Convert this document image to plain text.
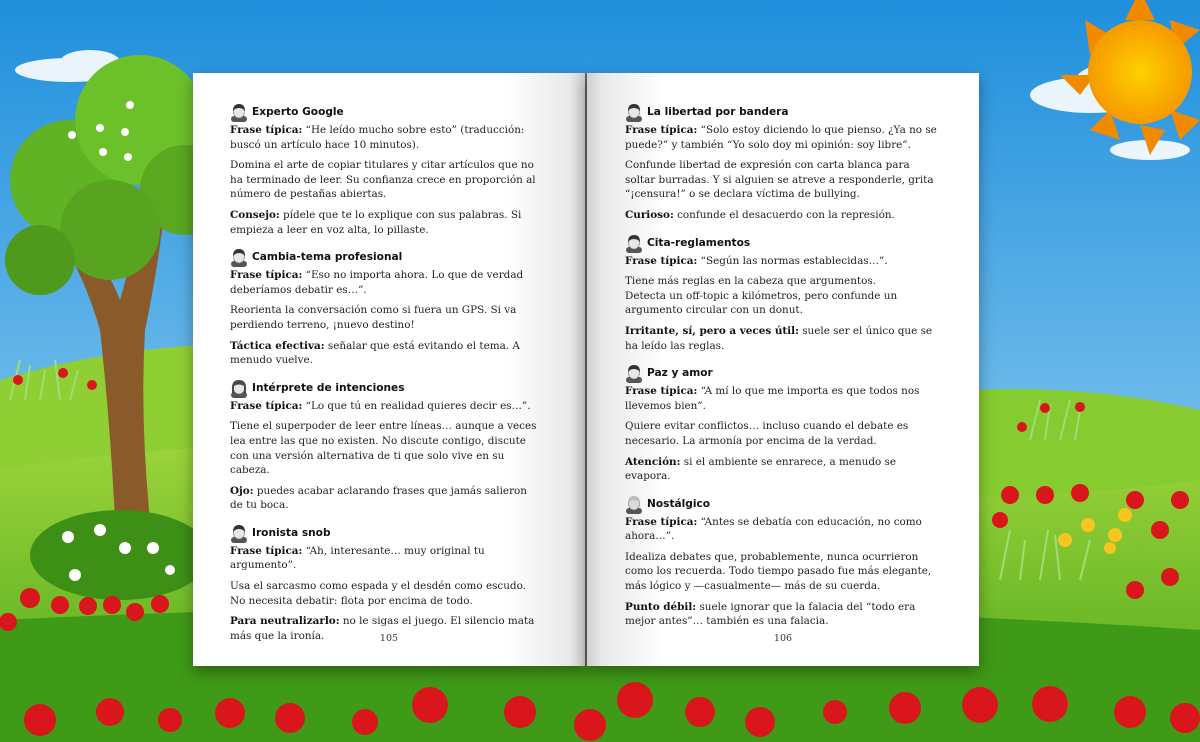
Experto Google

Frase típica: “He leído mucho sobre esto” (traducción: buscó un artículo hace 10 minutos).

Domina el arte de copiar titulares y citar artículos que no ha terminado de leer. Su confianza crece en proporción al número de pestañas abiertas.

Consejo: pídele que te lo explique con sus palabras. Si empieza a leer en voz alta, lo pillaste.

Cambia-tema profesional

Frase típica: “Eso no importa ahora. Lo que de verdad deberíamos debatir es…”.

Reorienta la conversación como si fuera un GPS. Si va perdiendo terreno, ¡nuevo destino!

Táctica efectiva: señalar que está evitando el tema. A menudo vuelve.

Intérprete de intenciones

Frase típica: “Lo que tú en realidad quieres decir es…”.

Tiene el superpoder de leer entre líneas… aunque a veces lea entre las que no existen. No discute contigo, discute con una versión alternativa de ti que solo vive en su cabeza.

Ojo: puedes acabar aclarando frases que jamás salieron de tu boca.

Ironista snob

Frase típica: “Ah, interesante… muy original tu argumento”.

Usa el sarcasmo como espada y el desdén como escudo.
No necesita debatir: flota por encima de todo.

Para neutralizarlo: no le sigas el juego. El silencio mata más que la ironía.	105
La libertad por bandera

Frase típica: “Solo estoy diciendo lo que pienso. ¿Ya no se puede?” y también “Yo solo doy mi opinión: soy libre”.

Confunde libertad de expresión con carta blanca para soltar burradas. Y si alguien se atreve a responderle, grita “¡censura!” o se declara víctima de bullying.

Curioso: confunde el desacuerdo con la represión.

Cita-reglamentos

Frase típica: “Según las normas establecidas…”.

Tiene más reglas en la cabeza que argumentos.
Detecta un off-topic a kilómetros, pero confunde un argumento circular con un donut.

Irritante, sí, pero a veces útil: suele ser el único que se ha leído las reglas.

Paz y amor

Frase típica: “A mí lo que me importa es que todos nos llevemos bien”.

Quiere evitar conflictos… incluso cuando el debate es necesario. La armonía por encima de la verdad.

Atención: si el ambiente se enrarece, a menudo se evapora.

Nostálgico

Frase típica: “Antes se debatía con educación, no como ahora…”.

Idealiza debates que, probablemente, nunca ocurrieron como los recuerda. Todo tiempo pasado fue más elegante, más lógico y —casualmente— más de su cuerda.

Punto débil: suele ignorar que la falacia del “todo era mejor antes”… también es una falacia.

106
